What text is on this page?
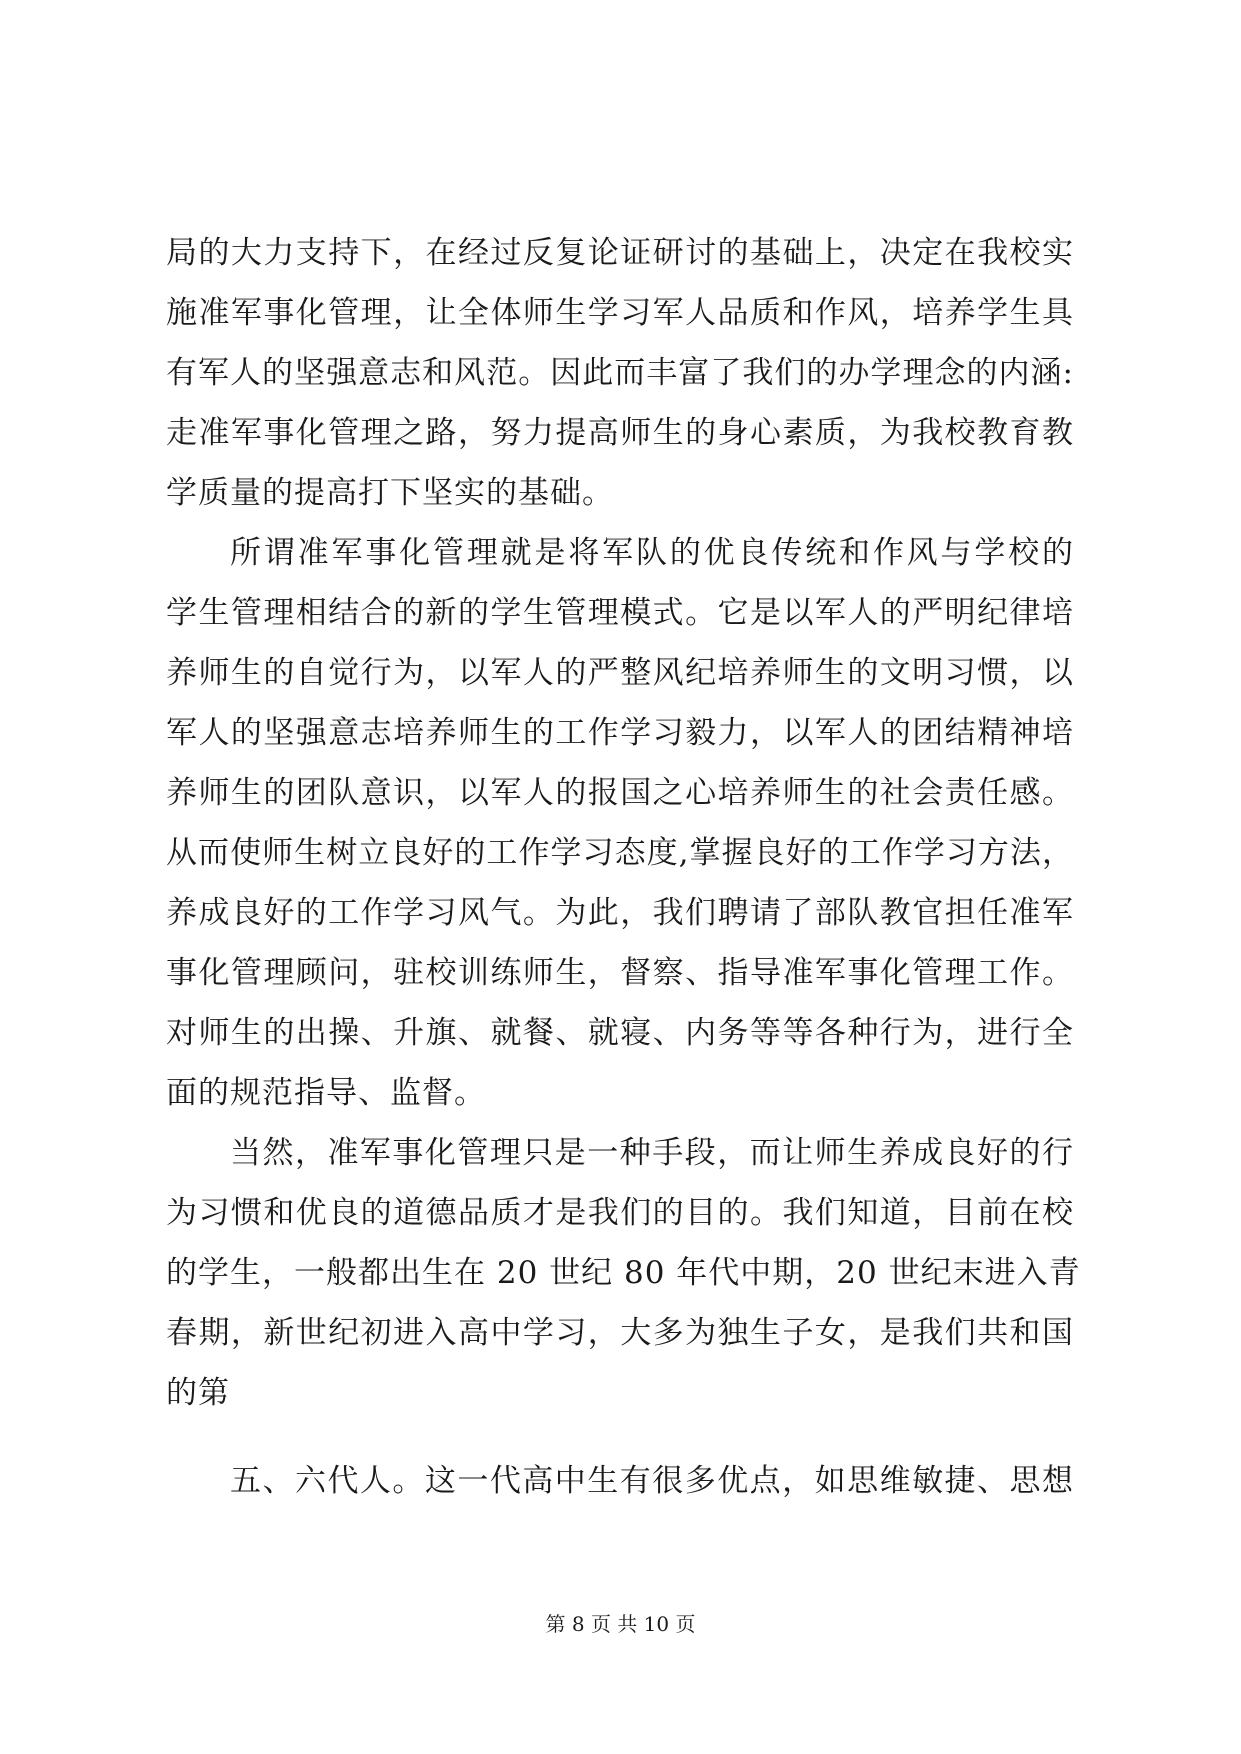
局的大力支持下，在经过反复论证研讨的基础上，决定在我校实
施准军事化管理，让全体师生学习军人品质和作风，培养学生具
有军人的坚强意志和风范。因此而丰富了我们的办学理念的内涵:
走准军事化管理之路，努力提高师生的身心素质，为我校教育教
学质量的提高打下坚实的基础。
所谓准军事化管理就是将军队的优良传统和作风与学校的
学生管理相结合的新的学生管理模式。它是以军人的严明纪律培
养师生的自觉行为，以军人的严整风纪培养师生的文明习惯，以
军人的坚强意志培养师生的工作学习毅力，以军人的团结精神培
养师生的团队意识，以军人的报国之心培养师生的社会责任感。
从而使师生树立良好的工作学习态度,掌握良好的工作学习方法，
养成良好的工作学习风气。为此，我们聘请了部队教官担任准军
事化管理顾问，驻校训练师生，督察、指导准军事化管理工作。
对师生的出操、升旗、就餐、就寝、内务等等各种行为，进行全
面的规范指导、监督。
当然，准军事化管理只是一种手段，而让师生养成良好的行
为习惯和优良的道德品质才是我们的目的。我们知道，目前在校
的学生，一般都出生在 20 世纪 80 年代中期，20 世纪末进入青
春期，新世纪初进入高中学习，大多为独生子女，是我们共和国
的第
五、六代人。这一代高中生有很多优点，如思维敏捷、思想
第 8 页 共 10 页
